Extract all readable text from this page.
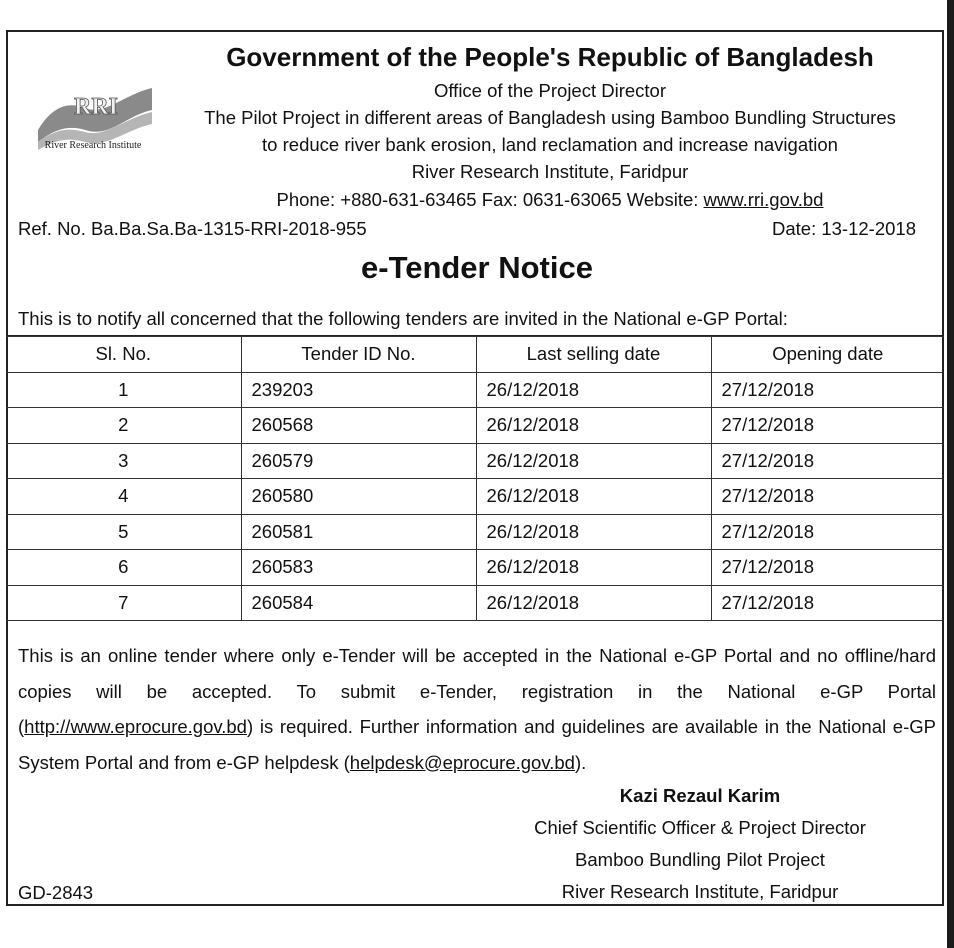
RRI
River Research Institute
Government of the People's Republic of Bangladesh
Office of the Project Director
The Pilot Project in different areas of Bangladesh using Bamboo Bundling Structures
to reduce river bank erosion, land reclamation and increase navigation
River Research Institute, Faridpur
Phone: +880-631-63465 Fax: 0631-63065 Website: www.rri.gov.bd
Ref. No. Ba.Ba.Sa.Ba-1315-RRI-2018-955	Date: 13-12-2018
e-Tender Notice
This is to notify all concerned that the following tenders are invited in the National e-GP Portal:
Sl. No.	Tender ID No.	Last selling date	Opening date
1	239203	26/12/2018	27/12/2018
2	260568	26/12/2018	27/12/2018
3	260579	26/12/2018	27/12/2018
4	260580	26/12/2018	27/12/2018
5	260581	26/12/2018	27/12/2018
6	260583	26/12/2018	27/12/2018
7	260584	26/12/2018	27/12/2018
This is an online tender where only e-Tender will be accepted in the National e-GP Portal and no offline/hard copies will be accepted. To submit e-Tender, registration in the National e-GP Portal (http://www.eprocure.gov.bd) is required. Further information and guidelines are available in the National e-GP System Portal and from e-GP helpdesk (helpdesk@eprocure.gov.bd).
Kazi Rezaul Karim
Chief Scientific Officer & Project Director
Bamboo Bundling Pilot Project
River Research Institute, Faridpur
GD-2843
